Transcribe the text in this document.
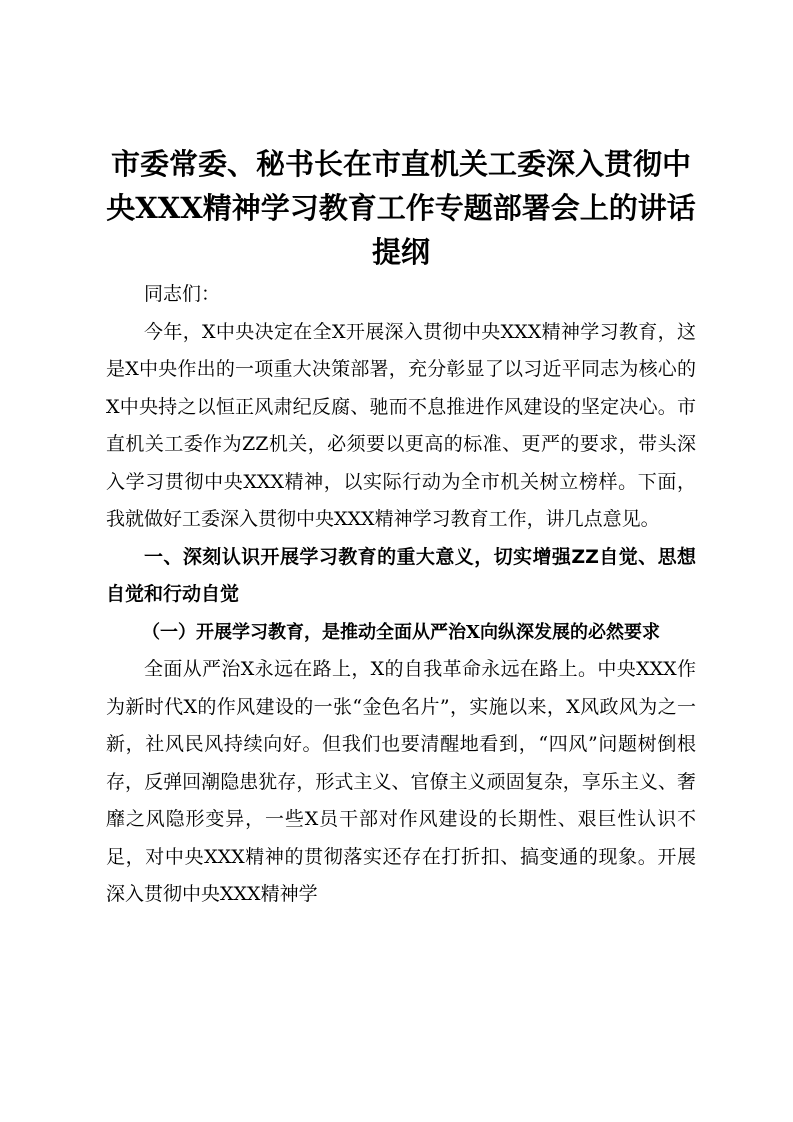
市委常委、秘书长在市直机关工委深入贯彻中央XXX精神学习教育工作专题部署会上的讲话提纲

同志们：

今年，X中央决定在全X开展深入贯彻中央XXX精神学习教育，这是X中央作出的一项重大决策部署，充分彰显了以习近平同志为核心的X中央持之以恒正风肃纪反腐、驰而不息推进作风建设的坚定决心。市直机关工委作为ZZ机关，必须要以更高的标准、更严的要求，带头深入学习贯彻中央XXX精神，以实际行动为全市机关树立榜样。下面，我就做好工委深入贯彻中央XXX精神学习教育工作，讲几点意见。

一、深刻认识开展学习教育的重大意义，切实增强ZZ自觉、思想自觉和行动自觉

（一）开展学习教育，是推动全面从严治X向纵深发展的必然要求

全面从严治X永远在路上，X的自我革命永远在路上。中央XXX作为新时代X的作风建设的一张“金色名片”，实施以来，X风政风为之一新，社风民风持续向好。但我们也要清醒地看到，“四风”问题树倒根存，反弹回潮隐患犹存，形式主义、官僚主义顽固复杂，享乐主义、奢靡之风隐形变异，一些X员干部对作风建设的长期性、艰巨性认识不足，对中央XXX精神的贯彻落实还存在打折扣、搞变通的现象。开展深入贯彻中央XXX精神学
